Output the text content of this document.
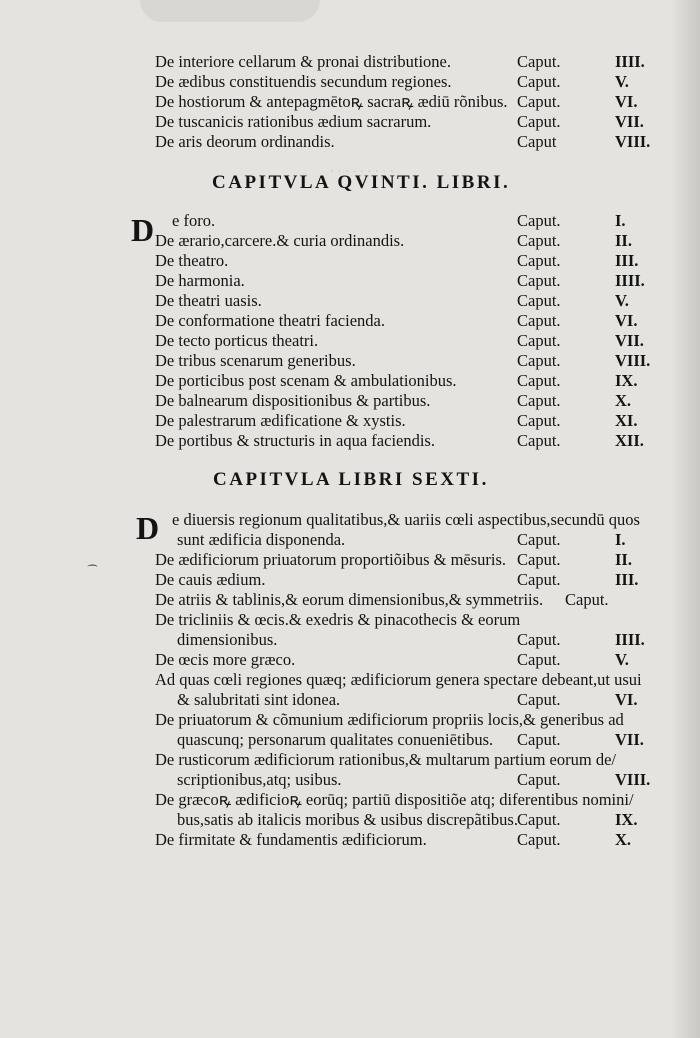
. . . . . . . . .
De interiore cellarum & pronai distributione.	Caput.	IIII.
De ædibus constituendis secundum regiones.	Caput.	V.
De hostiorum & antepagmētoꝶ sacraꝶ ædiū rõnibus. Caput.	VI.
De tuscanicis rationibus ædium sacrarum.	Caput.	VII.
De aris deorum ordinandis.	Caput	VIII.
CAPITVLA QVINTI. LIBRI.
D e foro.	Caput.	I.
De ærario,carcere.& curia ordinandis.	Caput.	II.
De theatro.	Caput.	III.
De harmonia.	Caput.	IIII.
De theatri uasis.	Caput.	V.
De conformatione theatri facienda.	Caput.	VI.
De tecto porticus theatri.	Caput.	VII.
De tribus scenarum generibus.	Caput.	VIII.
De porticibus post scenam & ambulationibus.	Caput.	IX.
De balnearum dispositionibus & partibus.	Caput.	X.
De palestrarum ædificatione & xystis.	Caput.	XI.
De portibus & structuris in aqua faciendis.	Caput.	XII.
CAPITVLA LIBRI SEXTI.
D
⁀
e diuersis regionum qualitatibus,& uariis cœli aspectibus,secundū quos
sunt ædificia disponenda.	Caput.	I.
De ædificiorum priuatorum proportiõibus & mēsuris. Caput.	II.
De cauis ædium.	Caput.	III.
De atriis & tablinis,& eorum dimensionibus,& symmetriis. Caput.
De tricliniis & œcis.& exedris & pinacothecis & eorum
dimensionibus.	Caput.	IIII.
De œcis more græco.	Caput.	V.
Ad quas cœli regiones quæq; ædificiorum genera spectare debeant,ut usui
& salubritati sint idonea.	Caput.	VI.
De priuatorum & cõmunium ædificiorum propriis locis,& generibus ad
quascunq; personarum qualitates conueniētibus. Caput.	VII.
De rusticorum ædificiorum rationibus,& multarum partium eorum de/
scriptionibus,atq; usibus.	Caput.	VIII.
De græcoꝶ ædificioꝶ eorūq; partiū dispositiõe atq; diferentibus nomini/
bus,satis ab italicis moribus & usibus discrepãtibus. Caput.	IX.
De firmitate & fundamentis ædificiorum.	Caput.	X.
